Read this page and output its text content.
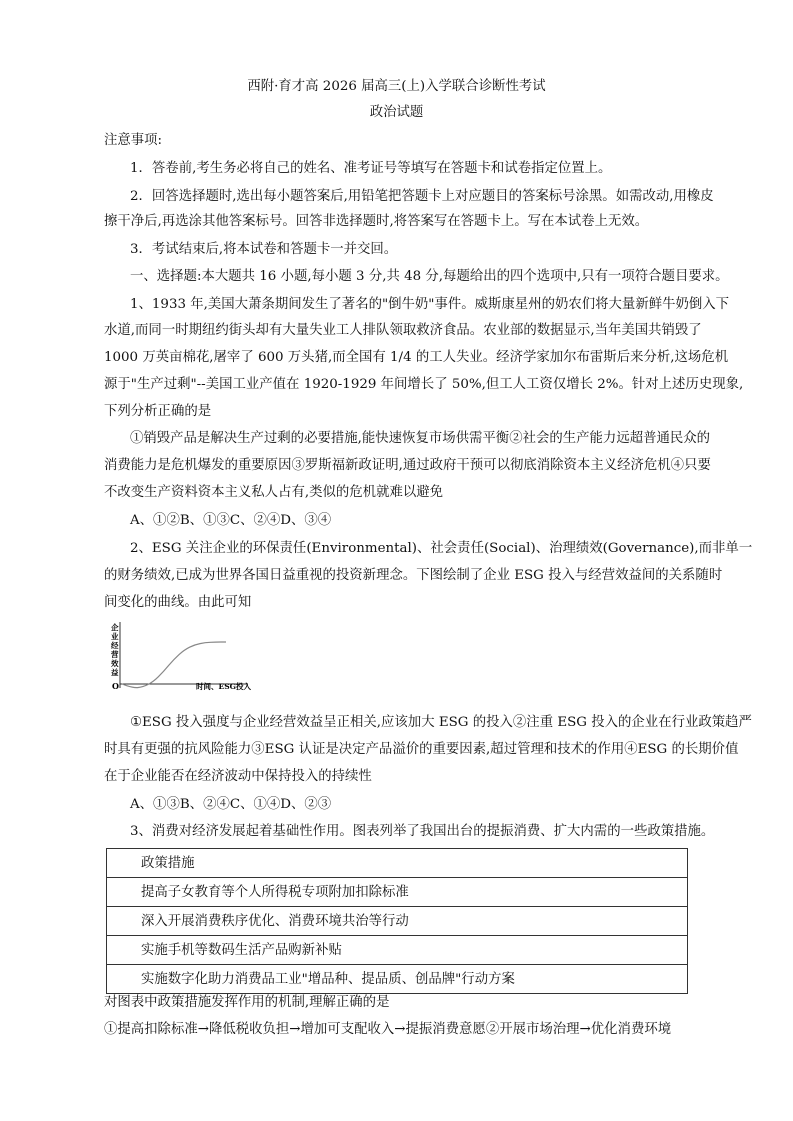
西附·育才高 2026 届高三(上)入学联合诊断性考试
政治试题
注意事项:
1．答卷前,考生务必将自己的姓名、准考证号等填写在答题卡和试卷指定位置上。
2．回答选择题时,选出每小题答案后,用铅笔把答题卡上对应题目的答案标号涂黑。如需改动,用橡皮
擦干净后,再选涂其他答案标号。回答非选择题时,将答案写在答题卡上。写在本试卷上无效。
3．考试结束后,将本试卷和答题卡一并交回。
一、选择题:本大题共 16 小题,每小题 3 分,共 48 分,每题给出的四个选项中,只有一项符合题目要求。
1、1933 年,美国大萧条期间发生了著名的"倒牛奶"事件。威斯康星州的奶农们将大量新鲜牛奶倒入下
水道,而同一时期纽约街头却有大量失业工人排队领取救济食品。农业部的数据显示,当年美国共销毁了
1000 万英亩棉花,屠宰了 600 万头猪,而全国有 1/4 的工人失业。经济学家加尔布雷斯后来分析,这场危机
源于"生产过剩"--美国工业产值在 1920-1929 年间增长了 50%,但工人工资仅增长 2%。针对上述历史现象,
下列分析正确的是
①销毁产品是解决生产过剩的必要措施,能快速恢复市场供需平衡②社会的生产能力远超普通民众的
消费能力是危机爆发的重要原因③罗斯福新政证明,通过政府干预可以彻底消除资本主义经济危机④只要
不改变生产资料资本主义私人占有,类似的危机就难以避免
A、①②B、①③C、②④D、③④
2、ESG 关注企业的环保责任(Environmental)、社会责任(Social)、治理绩效(Governance),而非单一
的财务绩效,已成为世界各国日益重视的投资新理念。下图绘制了企业 ESG 投入与经营效益间的关系随时
间变化的曲线。由此可知
企
业
经
营
效
益
O	时间、ESG投入
①ESG 投入强度与企业经营效益呈正相关,应该加大 ESG 的投入②注重 ESG 投入的企业在行业政策趋严
时具有更强的抗风险能力③ESG 认证是决定产品溢价的重要因素,超过管理和技术的作用④ESG 的长期价值
在于企业能否在经济波动中保持投入的持续性
A、①③B、②④C、①④D、②③
3、消费对经济发展起着基础性作用。图表列举了我国出台的提振消费、扩大内需的一些政策措施。
政策措施
提高子女教育等个人所得税专项附加扣除标准
深入开展消费秩序优化、消费环境共治等行动
实施手机等数码生活产品购新补贴
实施数字化助力消费品工业"增品种、提品质、创品牌"行动方案
对图表中政策措施发挥作用的机制,理解正确的是
①提高扣除标准→降低税收负担→增加可支配收入→提振消费意愿②开展市场治理→优化消费环境
